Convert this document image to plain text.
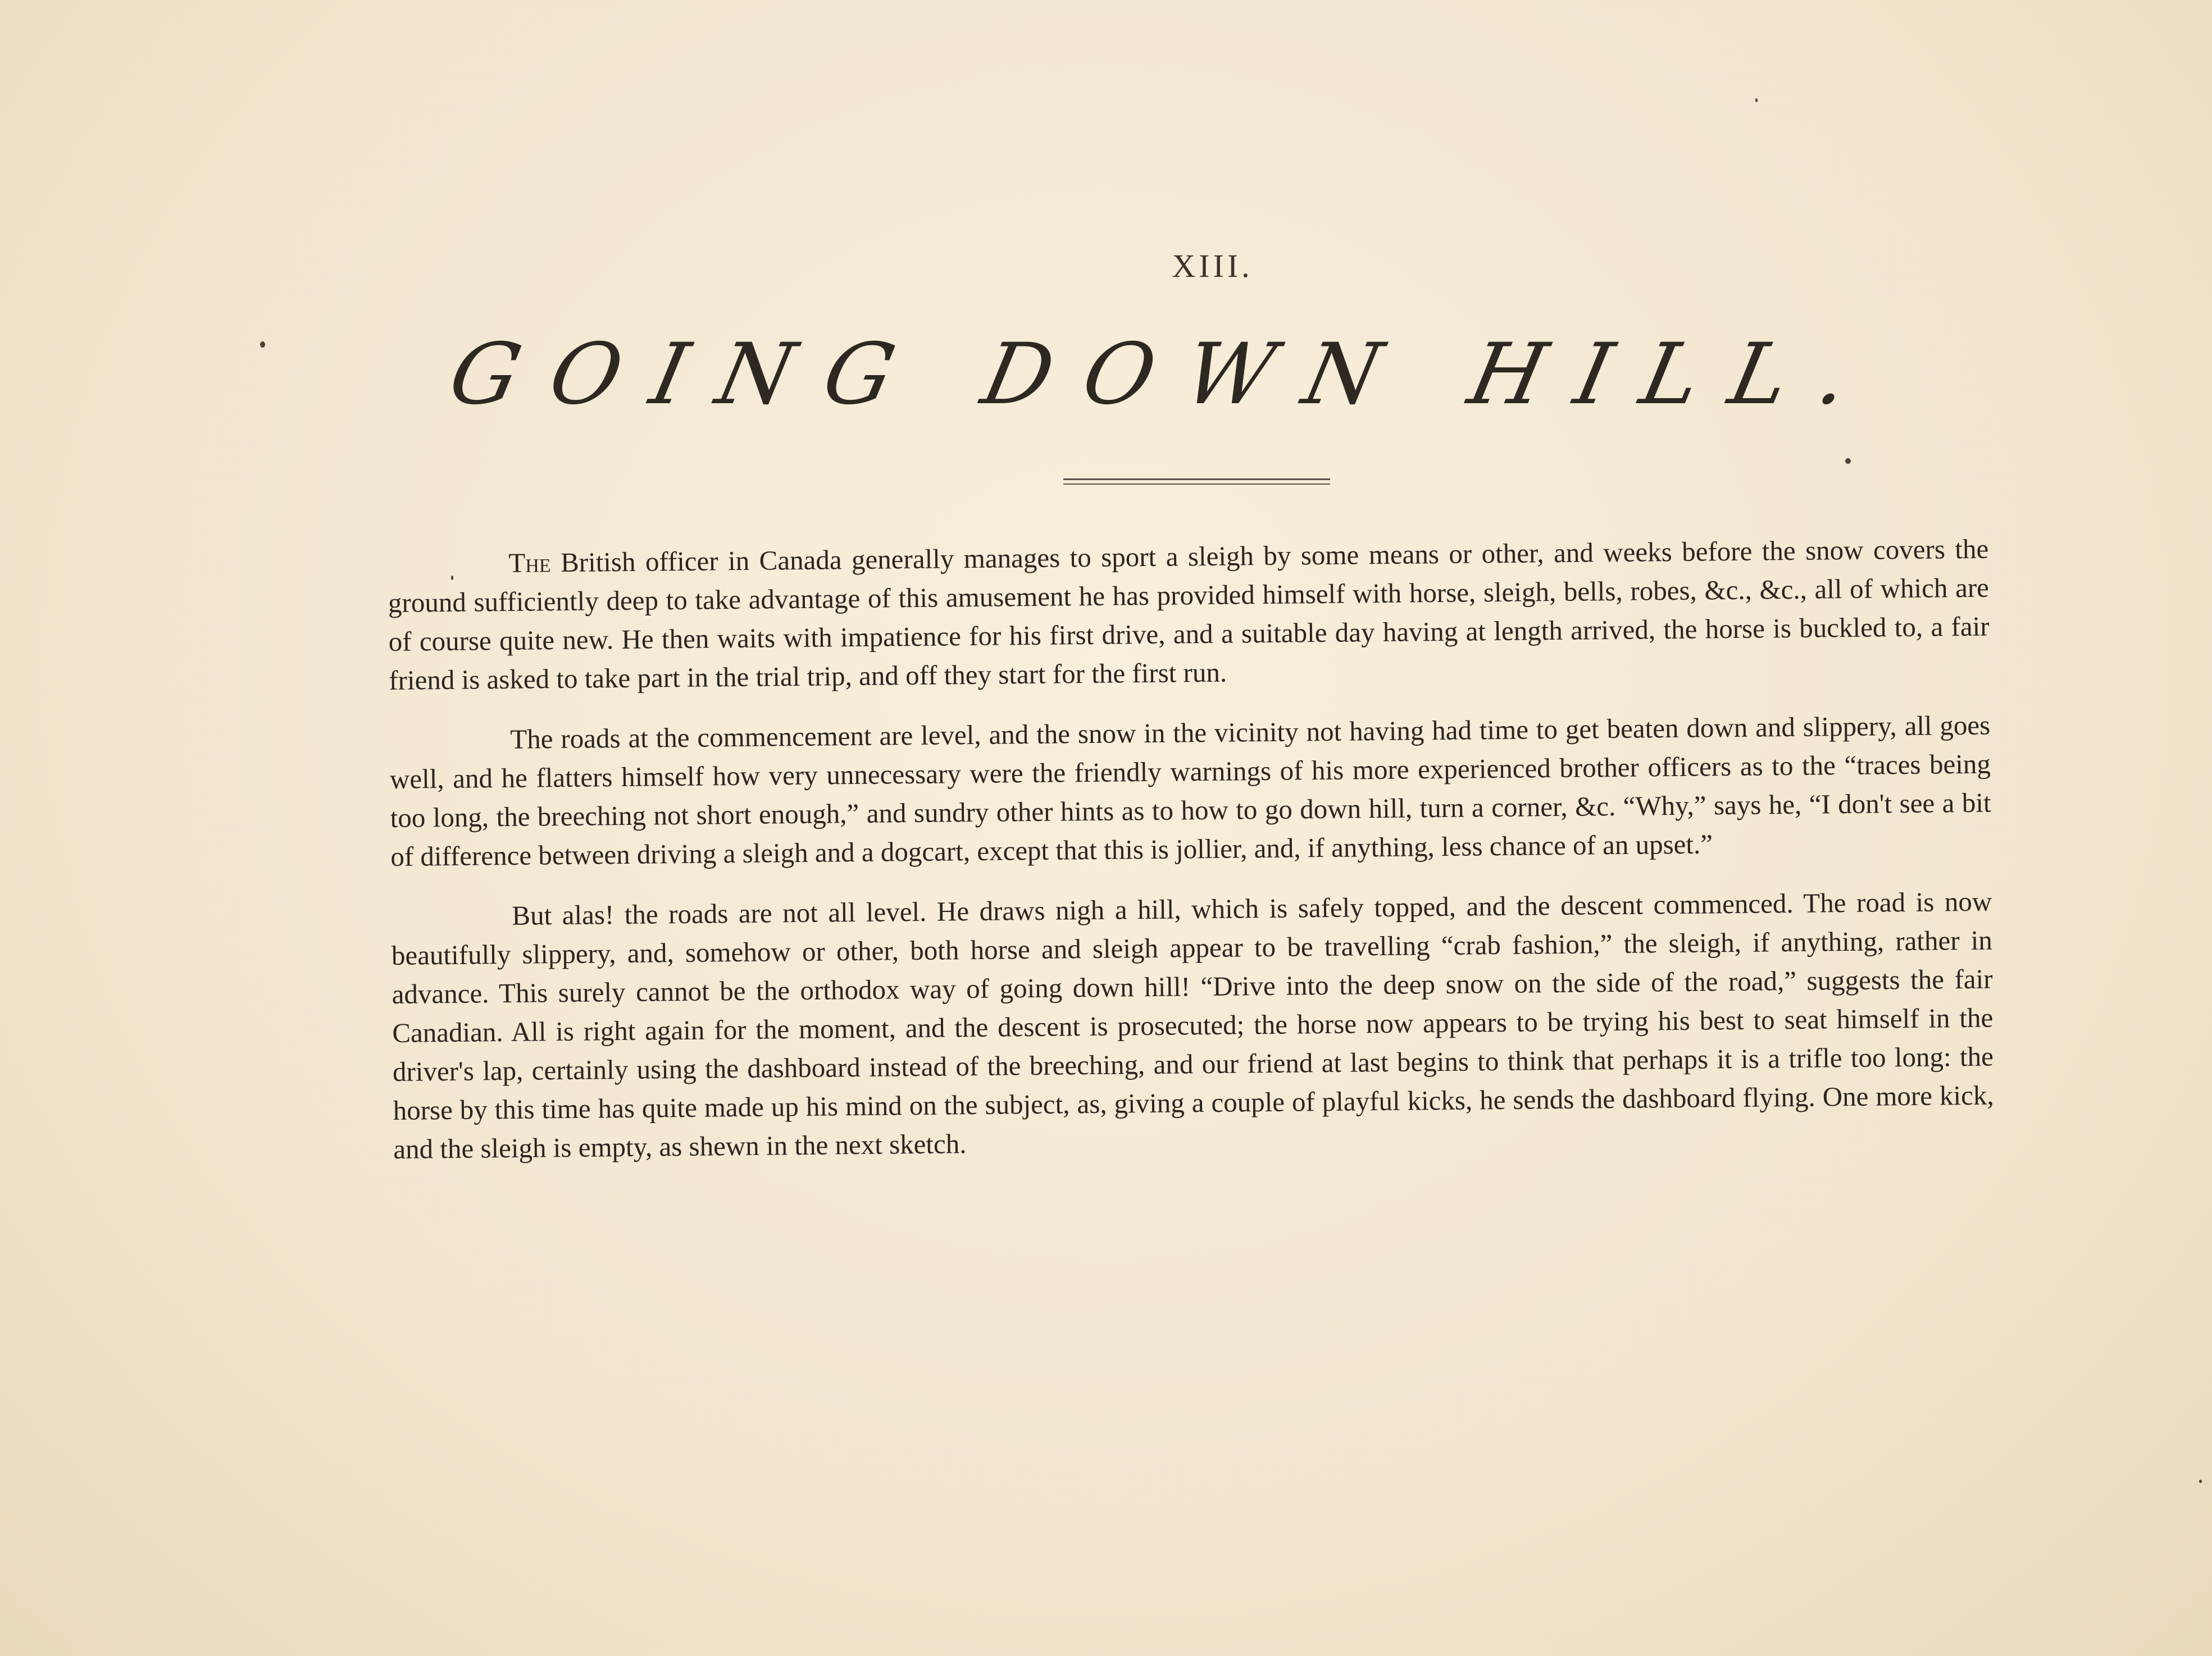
XIII.
GOING DOWN HILL.

The British officer in Canada generally manages to sport a sleigh by some means or other, and weeks before the snow covers the ground sufficiently deep to take advantage of this amusement he has provided himself with horse, sleigh, bells, robes, &c., &c., all of which are of course quite new. He then waits with impatience for his first drive, and a suitable day having at length arrived, the horse is buckled to, a fair friend is asked to take part in the trial trip, and off they start for the first run.

The roads at the commencement are level, and the snow in the vicinity not having had time to get beaten down and slippery, all goes well, and he flatters himself how very unnecessary were the friendly warnings of his more experienced brother officers as to the “traces being too long, the breeching not short enough,” and sundry other hints as to how to go down hill, turn a corner, &c. “Why,” says he, “I don't see a bit of difference between driving a sleigh and a dogcart, except that this is jollier, and, if anything, less chance of an upset.”

But alas! the roads are not all level. He draws nigh a hill, which is safely topped, and the descent commenced. The road is now beautifully slippery, and, somehow or other, both horse and sleigh appear to be travelling “crab fashion,” the sleigh, if anything, rather in advance. This surely cannot be the orthodox way of going down hill! “Drive into the deep snow on the side of the road,” suggests the fair Canadian. All is right again for the moment, and the descent is prosecuted; the horse now appears to be trying his best to seat himself in the driver's lap, certainly using the dashboard instead of the breeching, and our friend at last begins to think that perhaps it is a trifle too long: the horse by this time has quite made up his mind on the subject, as, giving a couple of playful kicks, he sends the dashboard flying. One more kick, and the sleigh is empty, as shewn in the next sketch.
